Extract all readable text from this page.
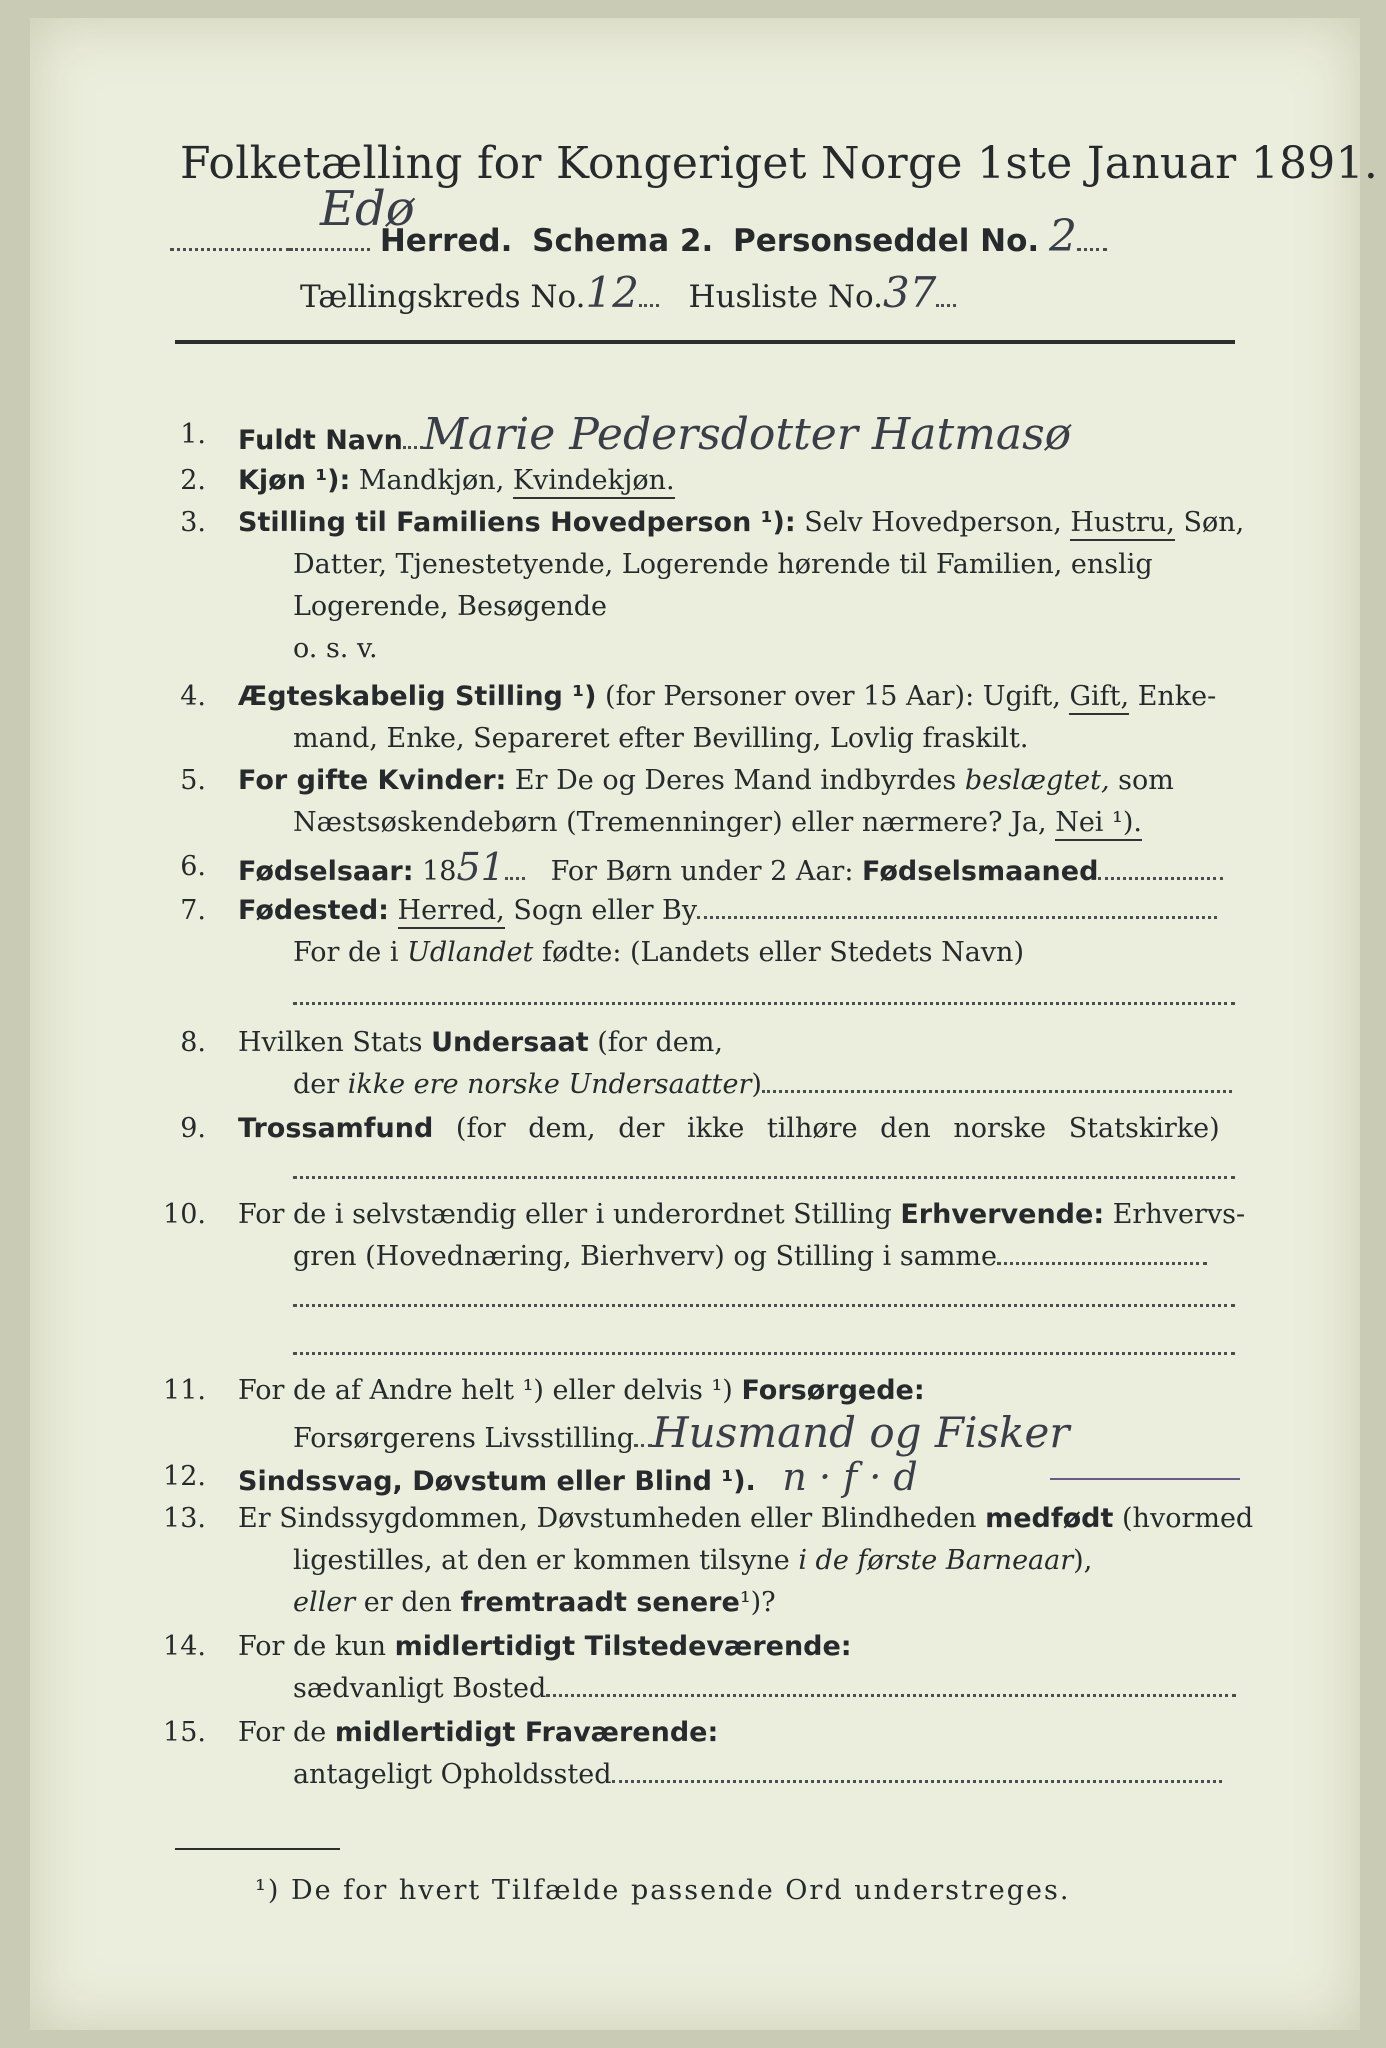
Folketælling for Kongeriget Norge 1ste Januar 1891.
Edø
Herred. Schema 2. Personseddel No. 2
Tællingskreds No.12 Husliste No.37
1. Fuldt Navn Marie Pedersdotter Hatmasø
2. Kjøn ¹): Mandkjøn, Kvindekjøn.
3. Stilling til Familiens Hovedperson ¹): Selv Hovedperson, Hustru, Søn,
Datter, Tjenestetyende, Logerende hørende til Familien, enslig
Logerende, Besøgende
o. s. v.
4. Ægteskabelig Stilling ¹) (for Personer over 15 Aar): Ugift, Gift, Enke-
mand, Enke, Separeret efter Bevilling, Lovlig fraskilt.
5. For gifte Kvinder: Er De og Deres Mand indbyrdes beslægtet, som
Næstsøskendebørn (Tremenninger) eller nærmere? Ja, Nei ¹).
6. Fødselsaar: 1851 For Børn under 2 Aar: Fødselsmaaned
7. Fødested: Herred, Sogn eller By
For de i Udlandet fødte: (Landets eller Stedets Navn)
8. Hvilken Stats Undersaat (for dem,
der ikke ere norske Undersaatter)
9. Trossamfund (for dem, der ikke tilhøre den norske Statskirke)
10. For de i selvstændig eller i underordnet Stilling Erhvervende: Erhvervs-
gren (Hovednæring, Bierhverv) og Stilling i samme
11. For de af Andre helt ¹) eller delvis ¹) Forsørgede:
Forsørgerens Livsstilling Husmand og Fisker
12. Sindssvag, Døvstum eller Blind ¹). n · f · d
13. Er Sindssygdommen, Døvstumheden eller Blindheden medfødt (hvormed
ligestilles, at den er kommen tilsyne i de første Barneaar),
eller er den fremtraadt senere¹)?
14. For de kun midlertidigt Tilstedeværende:
sædvanligt Bosted
15. For de midlertidigt Fraværende:
antageligt Opholdssted
¹) De for hvert Tilfælde passende Ord understreges.
